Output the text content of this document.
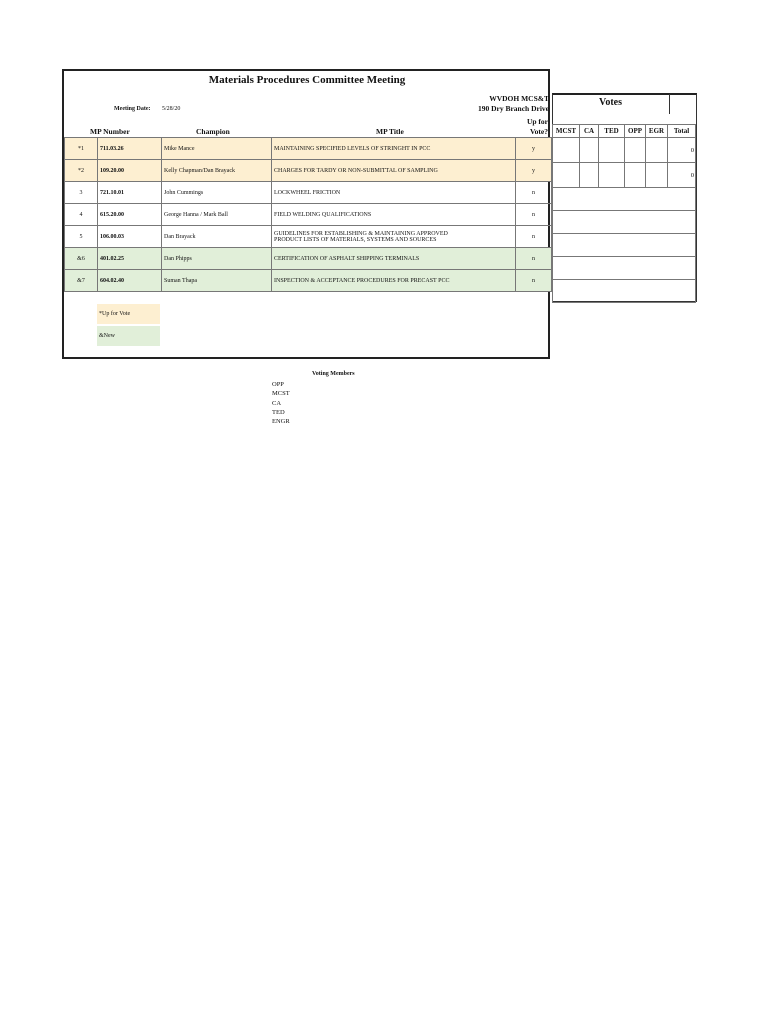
Materials Procedures Committee Meeting
Meeting Date: 5/28/20
WVDOH MCS&T
190 Dry Branch Drive
MP Number	Champion	MP Title
Up for
Vote?
*1	711.03.26	Mike Mance	MAINTAINING SPECIFIED LEVELS OF STRINGHT IN PCC	y
*2	109.20.00	Kelly Chapman/Dan Brayack	CHARGES FOR TARDY OR NON-SUBMITTAL OF SAMPLING	y
3	721.10.01	John Cummings	LOCKWHEEL FRICTION	n
4	615.20.00	George Hanna / Mark Ball	FIELD WELDING QUALIFICATIONS	n
5	106.00.03	Dan Brayack	GUIDELINES FOR ESTABLISHING & MAINTAINING APPROVED
PRODUCT LISTS OF MATERIALS, SYSTEMS AND SOURCES	n
&6	401.02.25	Dan Phipps	CERTIFICATION OF ASPHALT SHIPPING TERMINALS	n
&7	604.02.40	Suman Thapa	INSPECTION & ACCEPTANCE PROCEDURES FOR PRECAST PCC	n
*Up for Vote
&New
Votes
MCST	CA	TED	OPP	EGR	Total
					0
					0

Voting Members
OPP
MCST
CA
TED
ENGR
